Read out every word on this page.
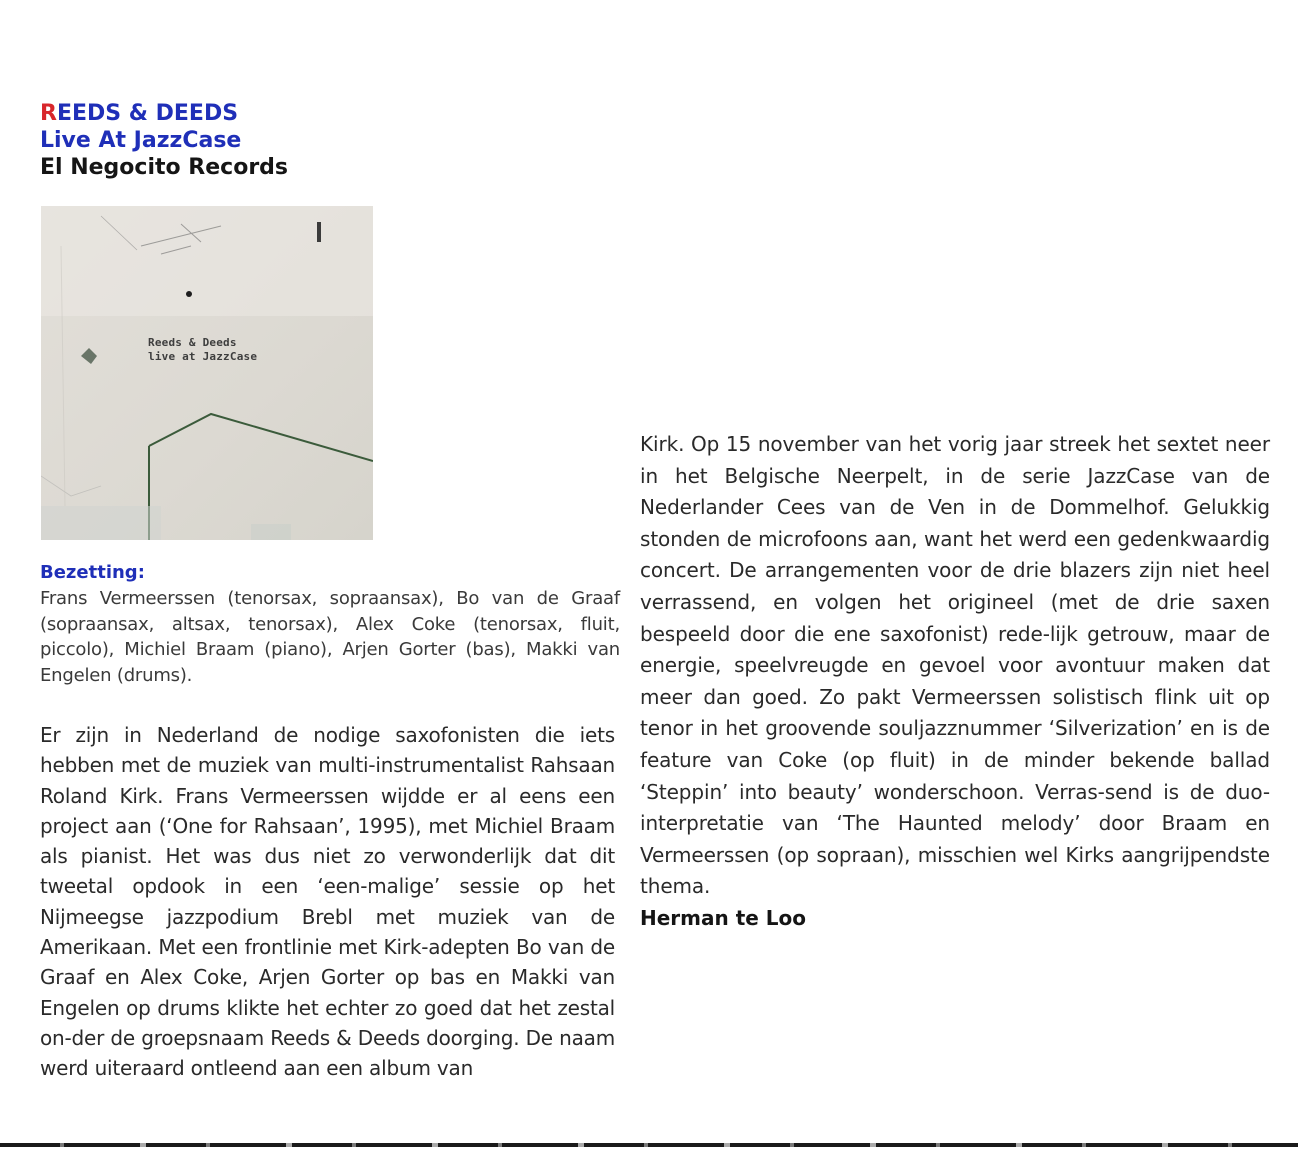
REEDS & DEEDS
Live At JazzCase
El Negocito Records
Reeds & Deeds
live at JazzCase
Bezetting:

Frans Vermeerssen (tenorsax, sopraansax), Bo van de Graaf (sopraansax, altsax, tenorsax), Alex Coke (tenorsax, fluit, piccolo), Michiel Braam (piano), Arjen Gorter (bas), Makki van Engelen (drums).

Er zijn in Nederland de nodige saxofonisten die iets hebben met de muziek van multi-instrumentalist Rahsaan Roland Kirk. Frans Vermeerssen wijdde er al eens een project aan (‘One for Rahsaan’, 1995), met Michiel Braam als pianist. Het was dus niet zo verwonderlijk dat dit tweetal opdook in een ‘een-malige’ sessie op het Nijmeegse jazzpodium Brebl met muziek van de Amerikaan. Met een frontlinie met Kirk-adepten Bo van de Graaf en Alex Coke, Arjen Gorter op bas en Makki van Engelen op drums klikte het echter zo goed dat het zestal on-der de groepsnaam Reeds & Deeds doorging. De naam werd uiteraard ontleend aan een album van

Kirk. Op 15 november van het vorig jaar streek het sextet neer in het Belgische Neerpelt, in de serie JazzCase van de Nederlander Cees van de Ven in de Dommelhof. Gelukkig stonden de microfoons aan, want het werd een gedenkwaardig concert. De arrangementen voor de drie blazers zijn niet heel verrassend, en volgen het origineel (met de drie saxen bespeeld door die ene saxofonist) rede-lijk getrouw, maar de energie, speelvreugde en gevoel voor avontuur maken dat meer dan goed. Zo pakt Vermeerssen solistisch flink uit op tenor in het groovende souljazznummer ‘Silverization’ en is de feature van Coke (op fluit) in de minder bekende ballad ‘Steppin’ into beauty’ wonderschoon. Verras-send is de duo-interpretatie van ‘The Haunted melody’ door Braam en Vermeerssen (op sopraan), misschien wel Kirks aangrijpendste thema.

Herman te Loo
